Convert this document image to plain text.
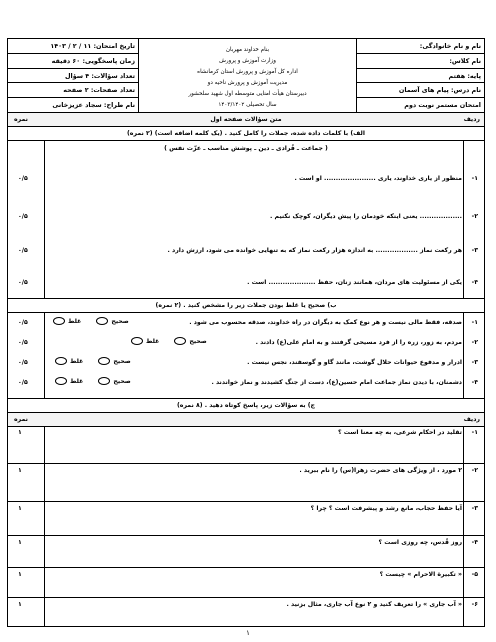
نام و نام خانوادگی:
نام کلاس:
پایه: هفتم
نام درس: پیام های آسمان
امتحان مستمر نوبت دوم
بنام خداوند مهربان
وزارت آموزش و پرورش
اداره کل آموزش و پرورش استان کرمانشاه
مدیریت آموزش و پرورش ناحیه دو
دبیرستان هیأت امنایی متوسطه اول شهید سلحشور
سال تحصیلی ۱۴۰۳/۱۴۰۲
تاریخ امتحان: ۱۱ / ۲ / ۱۴۰۳
زمان پاسخگویی: ۶۰ دقیقه
تعداد سؤالات: ۴ سؤال
تعداد صفحات: ۲ صفحه
نام طراح: سجاد عزیزخانی
ردیف
متن سؤالات صفحه اول
نمره
الف) با کلمات داده شده، جملات را کامل کنید . (یک کلمه اضافه است) (۲ نمره)
( جماعت ـ فُرادی ـ دین ـ پوشش مناسب ـ عزّت نفس )
۱-
منظور از یاری خداوند، یاری ...................... او است .
۰/۵
۲-
.................. یعنی اینکه خودمان را پیش دیگران، کوچک نکنیم .
۰/۵
۳-
هر رکعت نماز .................. به اندازه هزار رکعت نماز که به تنهایی خوانده می شود، ارزش دارد .
۰/۵
۴-
یکی از مسئولیت های مردان، همانند زنان، حفظ .................... است .
۰/۵
ب) صحیح یا غلط بودن جملات زیر را مشخص کنید . (۲ نمره)
۱-
صدقه، فقط مالی نیست و هر نوع کمک به دیگران در راه خداوند، صدقه محسوب می شود .
صحیح غلط
۰/۵
۲-
مردم، به زور، زره را از فرد مسیحی گرفتند و به امام علی(ع) دادند .
صحیح غلط
۰/۵
۳-
ادرار و مدفوع حیوانات حلال گوشت، مانند گاو و گوسفند، نجس نیست .
صحیح غلط
۰/۵
۴-
دشمنان، با دیدن نماز جماعت امام حسین(ع)، دست از جنگ کشیدند و نماز خواندند .
صحیح غلط
۰/۵
ج) به سؤالات زیر، پاسخ کوتاه دهید . (۸ نمره)
ردیف
نمره
۱-
تقلید در احکام شرعی، به چه معنا است ؟
۱
۲-
۲ مورد ، از ویژگی های حضرت زهرا(س) را نام ببرید .
۱
۳-
آیا حفظ حجاب، مانع رشد و پیشرفت است ؟ چرا ؟
۱
۴-
روز قُدس، چه روزی است ؟
۱
۵-
« تکبیرة الاحرام » چیست ؟
۱
۶-
« آب جاری » را تعریف کنید و ۲ نوع آب جاری، مثال بزنید .
۱
۱
